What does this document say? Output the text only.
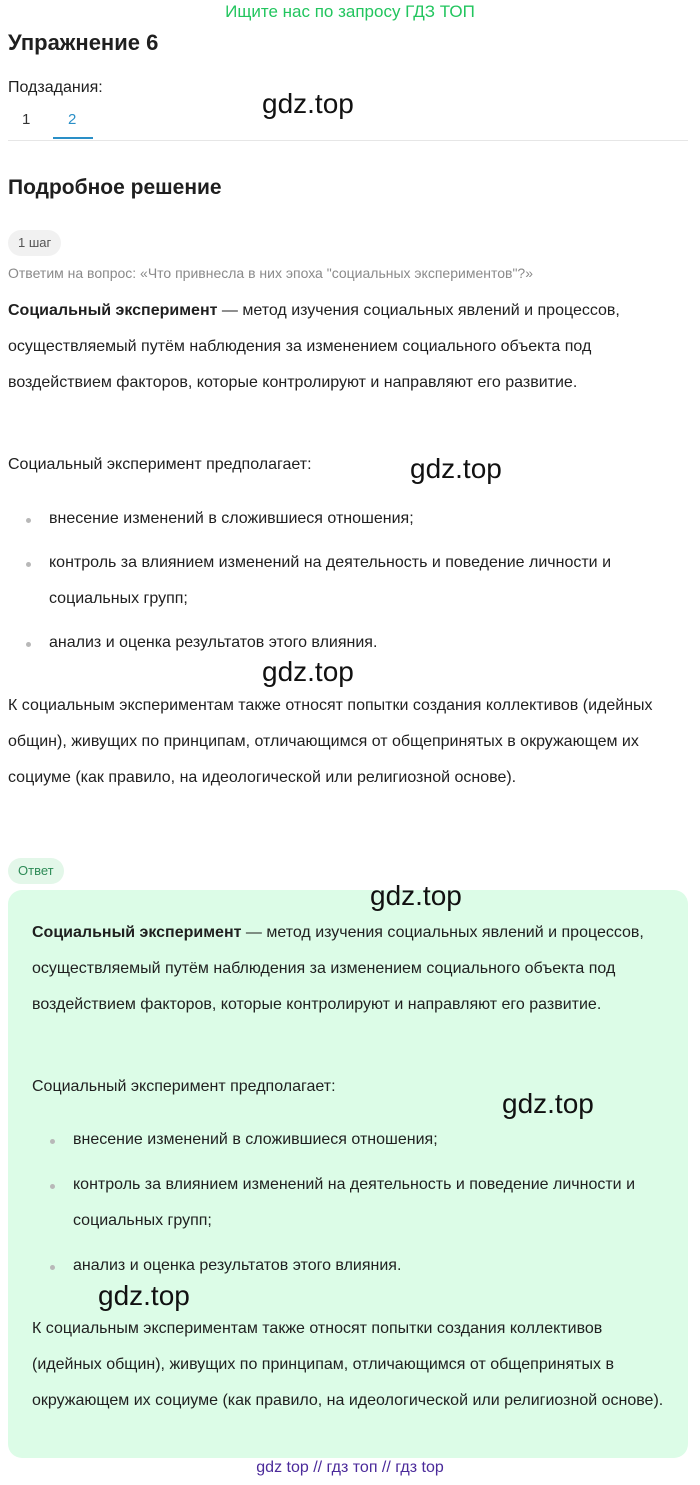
Ищите нас по запросу ГДЗ ТОП
Упражнение 6
Подзадания:
1	2
Подробное решение
1 шаг
Ответим на вопрос: «Что привнесла в них эпоха "социальных экспериментов"?»
Социальный эксперимент — метод изучения социальных явлений и процессов, осуществляемый путём наблюдения за изменением социального объекта под воздействием факторов, которые контролируют и направляют его развитие.
Социальный эксперимент предполагает:
внесение изменений в сложившиеся отношения;
контроль за влиянием изменений на деятельность и поведение личности и социальных групп;
анализ и оценка результатов этого влияния.
К социальным экспериментам также относят попытки создания коллективов (идейных общин), живущих по принципам, отличающимся от общепринятых в окружающем их социуме (как правило, на идеологической или религиозной основе).
Ответ
Социальный эксперимент — метод изучения социальных явлений и процессов, осуществляемый путём наблюдения за изменением социального объекта под воздействием факторов, которые контролируют и направляют его развитие.
Социальный эксперимент предполагает:
внесение изменений в сложившиеся отношения;
контроль за влиянием изменений на деятельность и поведение личности и социальных групп;
анализ и оценка результатов этого влияния.
К социальным экспериментам также относят попытки создания коллективов (идейных общин), живущих по принципам, отличающимся от общепринятых в окружающем их социуме (как правило, на идеологической или религиозной основе).
gdz.top
gdz.top
gdz.top
gdz.top
gdz.top
gdz.top
gdz top // гдз топ // гдз top
